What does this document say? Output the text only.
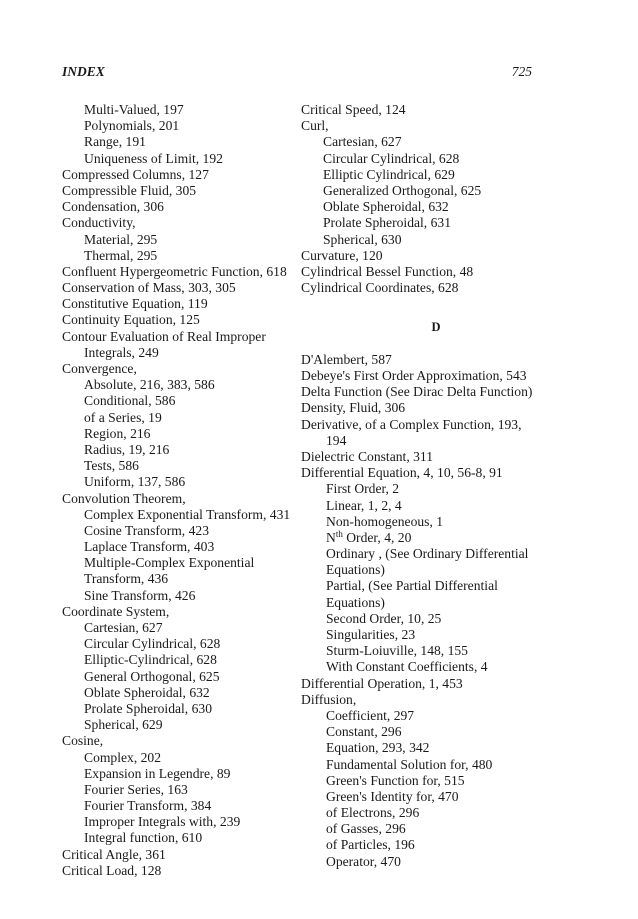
INDEX	725
Multi-Valued, 197
Polynomials, 201
Range, 191
Uniqueness of Limit, 192
Compressed Columns, 127
Compressible Fluid, 305
Condensation, 306
Conductivity,
Material, 295
Thermal, 295
Confluent Hypergeometric Function, 618
Conservation of Mass, 303, 305
Constitutive Equation, 119
Continuity Equation, 125
Contour Evaluation of Real Improper
Integrals, 249
Convergence,
Absolute, 216, 383, 586
Conditional, 586
of a Series, 19
Region, 216
Radius, 19, 216
Tests, 586
Uniform, 137, 586
Convolution Theorem,
Complex Exponential Transform, 431
Cosine Transform, 423
Laplace Transform, 403
Multiple-Complex Exponential
Transform, 436
Sine Transform, 426
Coordinate System,
Cartesian, 627
Circular Cylindrical, 628
Elliptic-Cylindrical, 628
General Orthogonal, 625
Oblate Spheroidal, 632
Prolate Spheroidal, 630
Spherical, 629
Cosine,
Complex, 202
Expansion in Legendre, 89
Fourier Series, 163
Fourier Transform, 384
Improper Integrals with, 239
Integral function, 610
Critical Angle, 361
Critical Load, 128
Critical Speed, 124
Curl,
Cartesian, 627
Circular Cylindrical, 628
Elliptic Cylindrical, 629
Generalized Orthogonal, 625
Oblate Spheroidal, 632
Prolate Spheroidal, 631
Spherical, 630
Curvature, 120
Cylindrical Bessel Function, 48
Cylindrical Coordinates, 628
D
D'Alembert, 587
Debeye's First Order Approximation, 543
Delta Function (See Dirac Delta Function)
Density, Fluid, 306
Derivative, of a Complex Function, 193,
194
Dielectric Constant, 311
Differential Equation, 4, 10, 56-8, 91
First Order, 2
Linear, 1, 2, 4
Non-homogeneous, 1
$N^{th}$ Order, 4, 20
Ordinary , (See Ordinary Differential
Equations)
Partial, (See Partial Differential
Equations)
Second Order, 10, 25
Singularities, 23
Sturm-Loiuville, 148, 155
With Constant Coefficients, 4
Differential Operation, 1, 453
Diffusion,
Coefficient, 297
Constant, 296
Equation, 293, 342
Fundamental Solution for, 480
Green's Function for, 515
Green's Identity for, 470
of Electrons, 296
of Gasses, 296
of Particles, 196
Operator, 470
